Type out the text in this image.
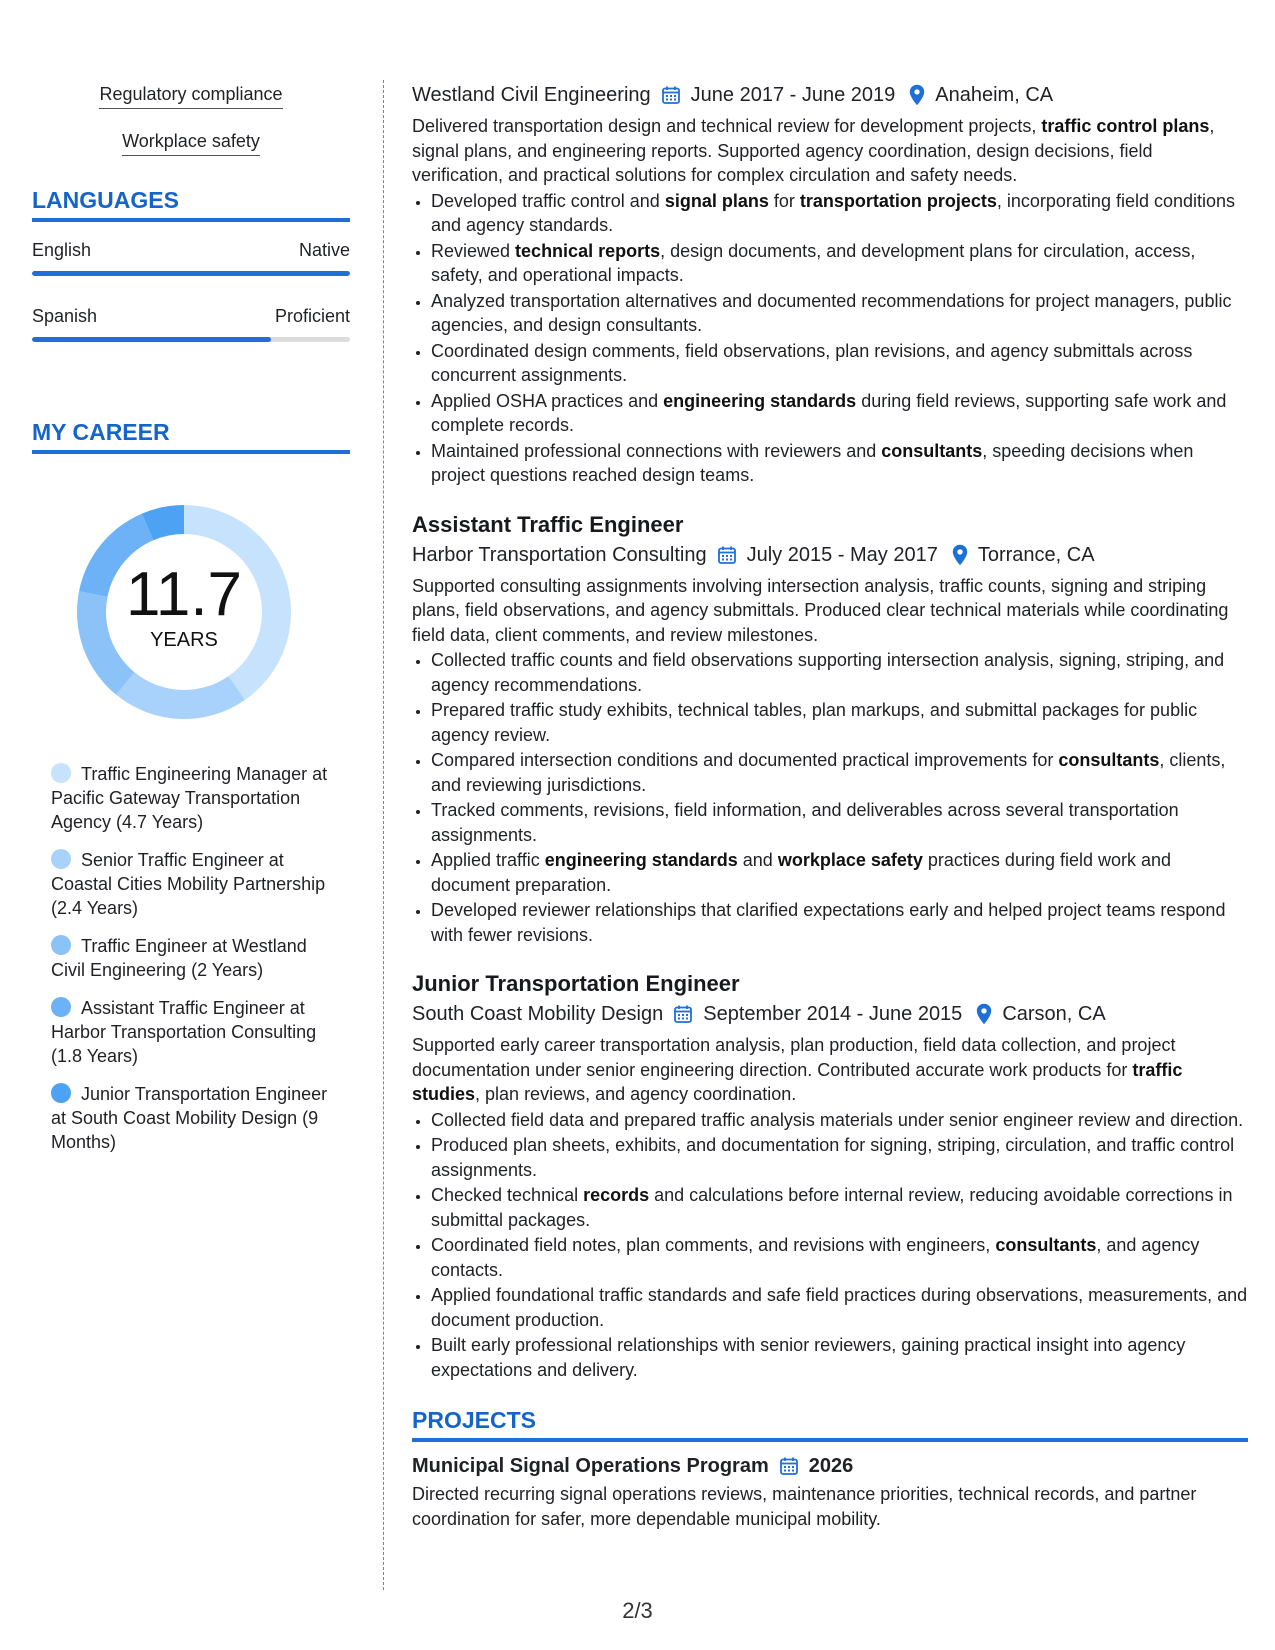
Regulatory compliance
Workplace safety
LANGUAGES
English	Native
Spanish	Proficient
MY CAREER
11.7
YEARS
Traffic Engineering Manager at Pacific Gateway Transportation Agency (4.7 Years)
Senior Traffic Engineer at Coastal Cities Mobility Partnership (2.4 Years)
Traffic Engineer at Westland Civil Engineering (2 Years)
Assistant Traffic Engineer at Harbor Transportation Consulting (1.8 Years)
Junior Transportation Engineer at South Coast Mobility Design (9 Months)
Westland Civil Engineering June 2017 - June 2019 Anaheim, CA
Delivered transportation design and technical review for development projects, traffic control plans, signal plans, and engineering reports. Supported agency coordination, design decisions, field verification, and practical solutions for complex circulation and safety needs.
• Developed traffic control and signal plans for transportation projects, incorporating field conditions and agency standards.
• Reviewed technical reports, design documents, and development plans for circulation, access, safety, and operational impacts.
• Analyzed transportation alternatives and documented recommendations for project managers, public agencies, and design consultants.
• Coordinated design comments, field observations, plan revisions, and agency submittals across concurrent assignments.
• Applied OSHA practices and engineering standards during field reviews, supporting safe work and complete records.
• Maintained professional connections with reviewers and consultants, speeding decisions when project questions reached design teams.
Assistant Traffic Engineer
Harbor Transportation Consulting July 2015 - May 2017 Torrance, CA
Supported consulting assignments involving intersection analysis, traffic counts, signing and striping plans, field observations, and agency submittals. Produced clear technical materials while coordinating field data, client comments, and review milestones.
• Collected traffic counts and field observations supporting intersection analysis, signing, striping, and agency recommendations.
• Prepared traffic study exhibits, technical tables, plan markups, and submittal packages for public agency review.
• Compared intersection conditions and documented practical improvements for consultants, clients, and reviewing jurisdictions.
• Tracked comments, revisions, field information, and deliverables across several transportation assignments.
• Applied traffic engineering standards and workplace safety practices during field work and document preparation.
• Developed reviewer relationships that clarified expectations early and helped project teams respond with fewer revisions.
Junior Transportation Engineer
South Coast Mobility Design September 2014 - June 2015 Carson, CA
Supported early career transportation analysis, plan production, field data collection, and project documentation under senior engineering direction. Contributed accurate work products for traffic studies, plan reviews, and agency coordination.
• Collected field data and prepared traffic analysis materials under senior engineer review and direction.
• Produced plan sheets, exhibits, and documentation for signing, striping, circulation, and traffic control assignments.
• Checked technical records and calculations before internal review, reducing avoidable corrections in submittal packages.
• Coordinated field notes, plan comments, and revisions with engineers, consultants, and agency contacts.
• Applied foundational traffic standards and safe field practices during observations, measurements, and document production.
• Built early professional relationships with senior reviewers, gaining practical insight into agency expectations and delivery.
PROJECTS
Municipal Signal Operations Program 2026
Directed recurring signal operations reviews, maintenance priorities, technical records, and partner coordination for safer, more dependable municipal mobility.
2/3
